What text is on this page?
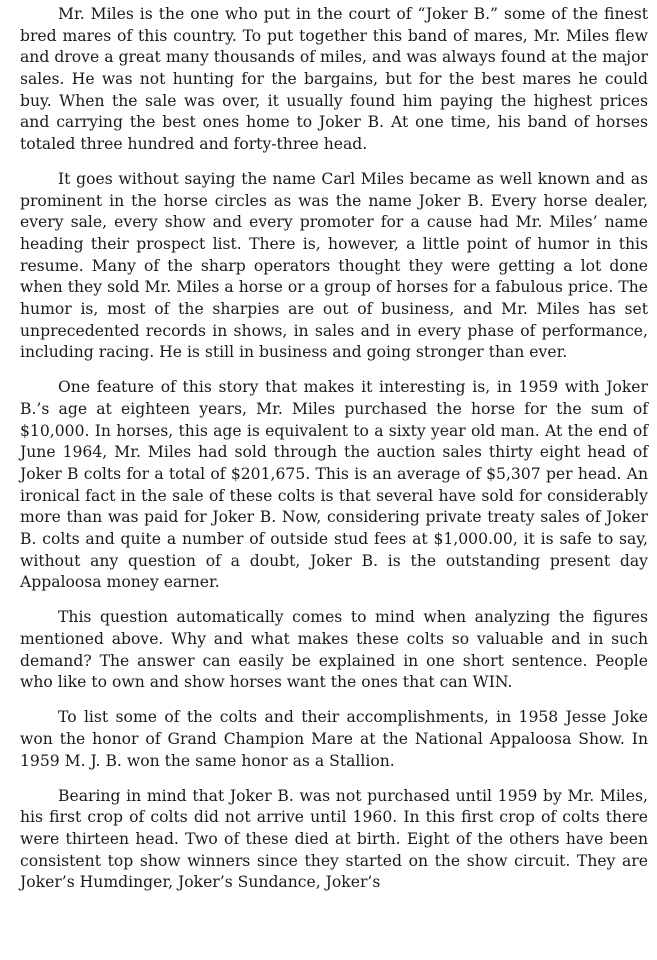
Mr. Miles is the one who put in the court of “Joker B.” some of the finest bred mares of this country. To put together this band of mares, Mr. Miles flew and drove a great many thousands of miles, and was always found at the major sales. He was not hunting for the bargains, but for the best mares he could buy. When the sale was over, it usually found him paying the highest prices and carrying the best ones home to Joker B. At one time, his band of horses totaled three hundred and forty-three head.

It goes without saying the name Carl Miles became as well known and as prominent in the horse circles as was the name Joker B. Every horse dealer, every sale, every show and every promoter for a cause had Mr. Miles’ name heading their prospect list. There is, however, a little point of humor in this resume. Many of the sharp operators thought they were getting a lot done when they sold Mr. Miles a horse or a group of horses for a fabulous price. The humor is, most of the sharpies are out of business, and Mr. Miles has set unprecedented records in shows, in sales and in every phase of performance, including racing. He is still in business and going stronger than ever.

One feature of this story that makes it interesting is, in 1959 with Joker B.’s age at eighteen years, Mr. Miles purchased the horse for the sum of $10,000. In horses, this age is equivalent to a sixty year old man. At the end of June 1964, Mr. Miles had sold through the auction sales thirty eight head of Joker B colts for a total of $201,675. This is an average of $5,307 per head. An ironical fact in the sale of these colts is that several have sold for considerably more than was paid for Joker B. Now, considering private treaty sales of Joker B. colts and quite a number of outside stud fees at $1,000.00, it is safe to say, without any question of a doubt, Joker B. is the outstanding present day Appaloosa money earner.

This question automatically comes to mind when analyzing the figures mentioned above. Why and what makes these colts so valuable and in such demand? The answer can easily be explained in one short sentence. People who like to own and show horses want the ones that can WIN.

To list some of the colts and their accomplishments, in 1958 Jesse Joke won the honor of Grand Champion Mare at the National Appaloosa Show. In 1959 M. J. B. won the same honor as a Stallion.

Bearing in mind that Joker B. was not purchased until 1959 by Mr. Miles, his first crop of colts did not arrive until 1960. In this first crop of colts there were thirteen head. Two of these died at birth. Eight of the others have been consistent top show winners since they started on the show circuit. They are Joker’s Humdinger, Joker’s Sundance, Joker’s
